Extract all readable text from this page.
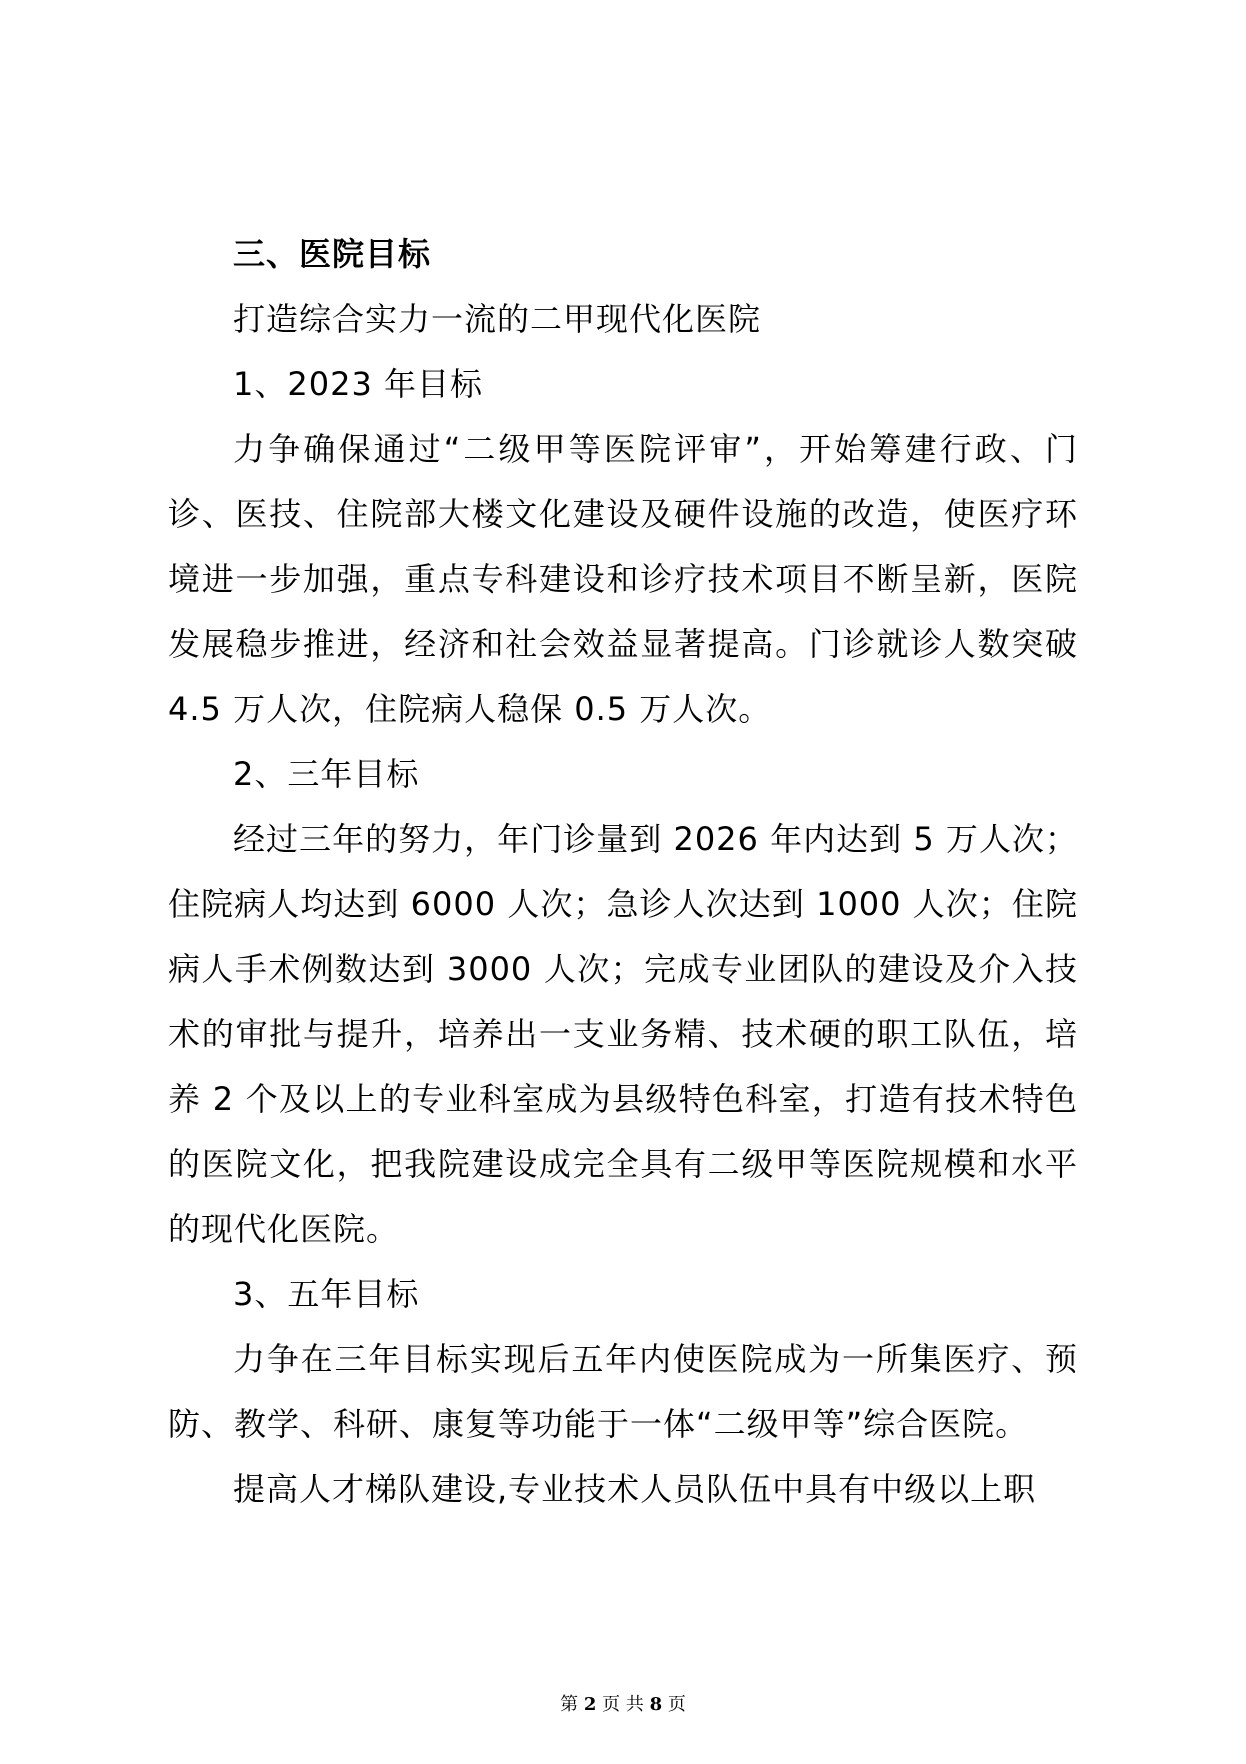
三、医院目标

打造综合实力一流的二甲现代化医院

1、2023 年目标

力争确保通过“二级甲等医院评审”，开始筹建行政、门诊、医技、住院部大楼文化建设及硬件设施的改造，使医疗环境进一步加强，重点专科建设和诊疗技术项目不断呈新，医院发展稳步推进，经济和社会效益显著提高。门诊就诊人数突破 4.5 万人次，住院病人稳保 0.5 万人次。

2、三年目标

经过三年的努力，年门诊量到 2026 年内达到 5 万人次；住院病人均达到 6000 人次；急诊人次达到 1000 人次；住院病人手术例数达到 3000 人次；完成专业团队的建设及介入技术的审批与提升，培养出一支业务精、技术硬的职工队伍，培养 2 个及以上的专业科室成为县级特色科室，打造有技术特色的医院文化，把我院建设成完全具有二级甲等医院规模和水平的现代化医院。

3、五年目标

力争在三年目标实现后五年内使医院成为一所集医疗、预防、教学、科研、康复等功能于一体“二级甲等”综合医院。

提高人才梯队建设,专业技术人员队伍中具有中级以上职

第 2 页 共 8 页
